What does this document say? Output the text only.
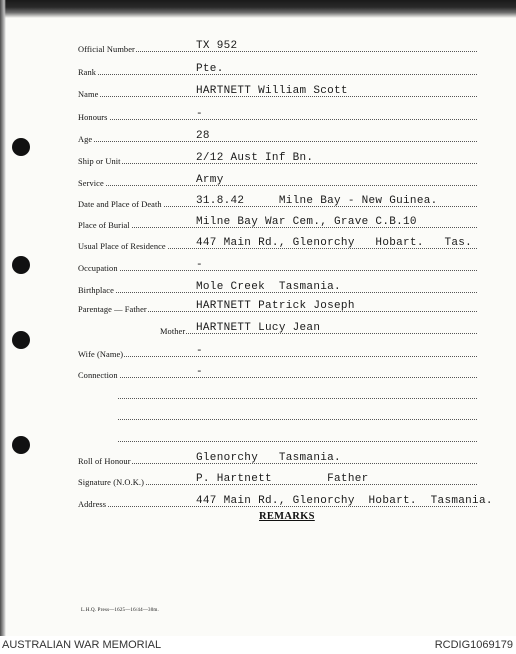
Official Number	TX 952
Rank	Pte.
Name	HARTNETT William Scott
Honours	-
Age	28
Ship or Unit	2/12 Aust Inf Bn.
Service	Army
Date and Place of Death	31.8.42     Milne Bay - New Guinea.
Place of Burial	Milne Bay War Cem., Grave C.B.10
Usual Place of Residence	447 Main Rd., Glenorchy   Hobart.   Tas.
Occupation	-
Birthplace	Mole Creek  Tasmania.
Parentage — Father	HARTNETT Patrick Joseph
Mother HARTNETT Lucy Jean
Wife (Name)	-
Connection	-
Roll of Honour	Glenorchy   Tasmania.
Signature (N.O.K.)	P. Hartnett        Father
Address	447 Main Rd., Glenorchy  Hobart.  Tasmania.
REMARKS
L.H.Q. Press—1625—16/44—30m.
AUSTRALIAN WAR MEMORIAL	RCDIG1069179
